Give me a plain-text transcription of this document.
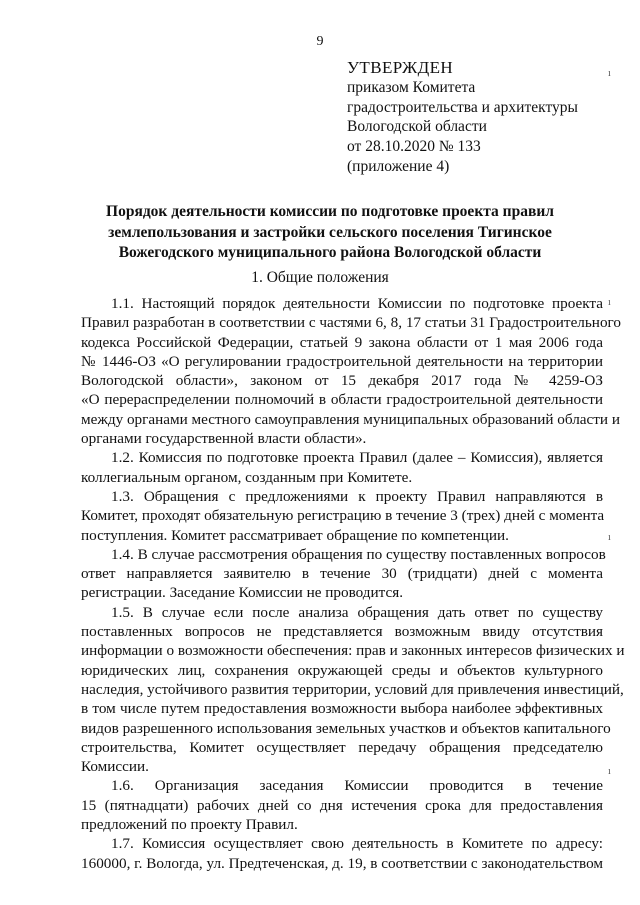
9
УТВЕРЖДЕН
приказом Комитета
градостроительства и архитектуры
Вологодской области
от 28.10.2020 № 133
(приложение 4)
Порядок деятельности комиссии по подготовке проекта правил
землепользования и застройки сельского поселения Тигинское
Вожегодского муниципального района Вологодской области
1. Общие положения
1.1. Настоящий порядок деятельности Комиссии по подготовке проекта
Правил разработан в соответствии с частями 6, 8, 17 статьи 31 Градостроительного
кодекса Российской Федерации, статьей 9 закона области от 1 мая 2006 года
№ 1446-ОЗ «О регулировании градостроительной деятельности на территории
Вологодской области», законом от 15 декабря 2017 года № 4259-ОЗ
«О перераспределении полномочий в области градостроительной деятельности
между органами местного самоуправления муниципальных образований области и
органами государственной власти области».
1.2. Комиссия по подготовке проекта Правил (далее – Комиссия), является
коллегиальным органом, созданным при Комитете.
1.3. Обращения с предложениями к проекту Правил направляются в
Комитет, проходят обязательную регистрацию в течение 3 (трех) дней с момента
поступления. Комитет рассматривает обращение по компетенции.
1.4. В случае рассмотрения обращения по существу поставленных вопросов
ответ направляется заявителю в течение 30 (тридцати) дней с момента
регистрации. Заседание Комиссии не проводится.
1.5. В случае если после анализа обращения дать ответ по существу
поставленных вопросов не представляется возможным ввиду отсутствия
информации о возможности обеспечения: прав и законных интересов физических и
юридических лиц, сохранения окружающей среды и объектов культурного
наследия, устойчивого развития территории, условий для привлечения инвестиций,
в том числе путем предоставления возможности выбора наиболее эффективных
видов разрешенного использования земельных участков и объектов капитального
строительства, Комитет осуществляет передачу обращения председателю
Комиссии.
1.6. Организация заседания Комиссии проводится в течение
15 (пятнадцати) рабочих дней со дня истечения срока для предоставления
предложений по проекту Правил.
1.7. Комиссия осуществляет свою деятельность в Комитете по адресу:
160000, г. Вологда, ул. Предтеченская, д. 19, в соответствии с законодательством
ı
ı
ı
ı
